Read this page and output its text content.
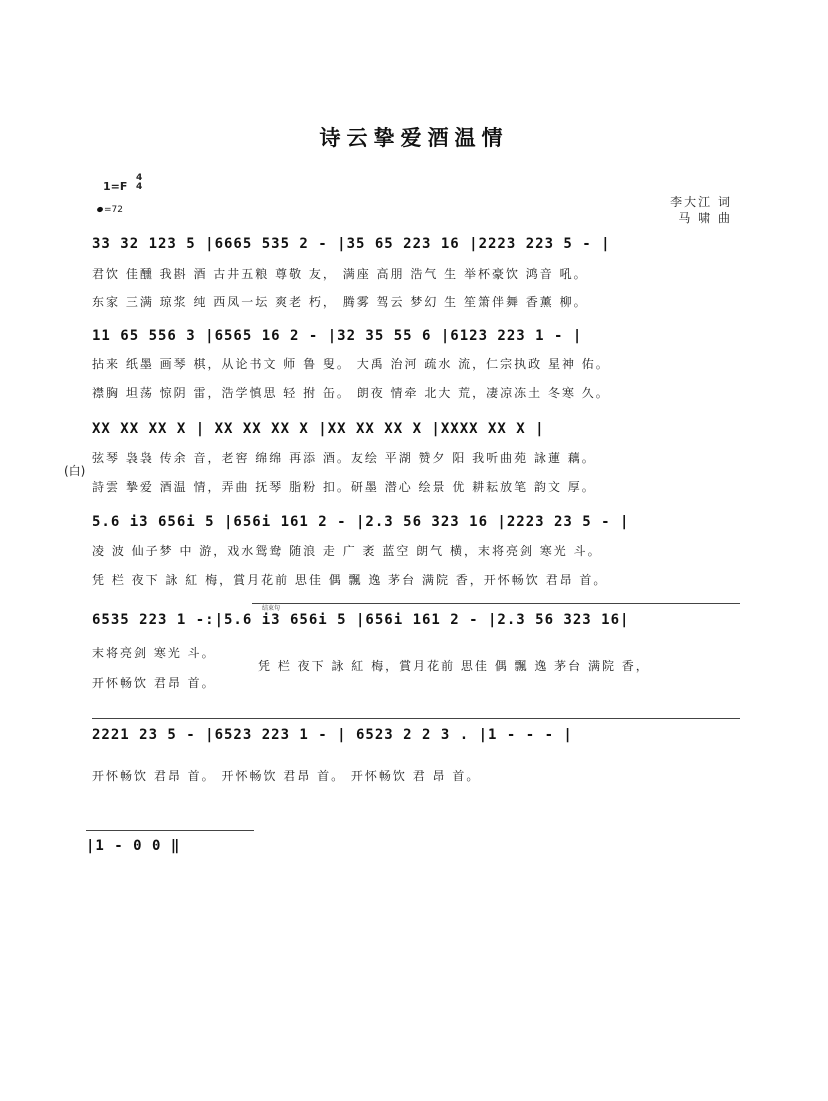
诗云挚爱酒温情
1=F
4
4
=72
李大江 词
马 啸 曲
33 32 123 5 |6665 535 2 - |35 65 223 16 |2223 223 5 - |
君饮 佳醺 我斟 酒 古井五粮 尊敬 友， 满座 高朋 浩气 生 举杯豪饮 鸿音 吼。
东家 三满 琼浆 纯 西凤一坛 爽老 朽， 腾雾 驾云 梦幻 生 笙箫伴舞 香薰 柳。
11 65 556 3 |6565 16 2 - |32 35 55 6 |6123 223 1 - |
拈来 纸墨 画琴 棋，从论书文 师 鲁 叟。 大禹 治河 疏水 流，仁宗执政 星神 佑。
襟胸 坦荡 惊阴 雷，浩学慎思 轻 拊 缶。 朗夜 情牵 北大 荒，凄凉冻土 冬寒 久。
XX XX XX X | XX XX XX X |XX XX XX X |XXXX XX X |
(白)
弦琴 袅袅 传余 音，老窖 绵绵 再添 酒。友绘 平湖 赞夕 阳 我听曲苑 詠蓮 藕。
詩雲 摯爱 酒温 情，弄曲 抚琴 脂粉 扣。研墨 潜心 绘景 优 耕耘放笔 韵文 厚。
5.6 i3 656i 5 |656i 161 2 - |2.3 56 323 16 |2223 23 5 - |
凌 波 仙子梦 中 游，戏水鸳鸯 随浪 走 广 袤 蓝空 朗气 横，末将亮剑 寒光 斗。
凭 栏 夜下 詠 紅 梅，賞月花前 思佳 偶 飄 逸 茅台 满院 香，开怀畅饮 君昂 首。
结束句
6535 223 1 -:|5.6 i3 656i 5 |656i 161 2 - |2.3 56 323 16|
末将亮剑 寒光 斗。
开怀畅饮 君昂 首。
凭 栏 夜下 詠 紅 梅，賞月花前 思佳 偶 飄 逸 茅台 满院 香，
2221 23 5 - |6523 223 1 - | 6523 2 2 3 . |1 - - - |
开怀畅饮 君昂 首。 开怀畅饮 君昂 首。 开怀畅饮 君 昂 首。
|1 - 0 0 ‖
